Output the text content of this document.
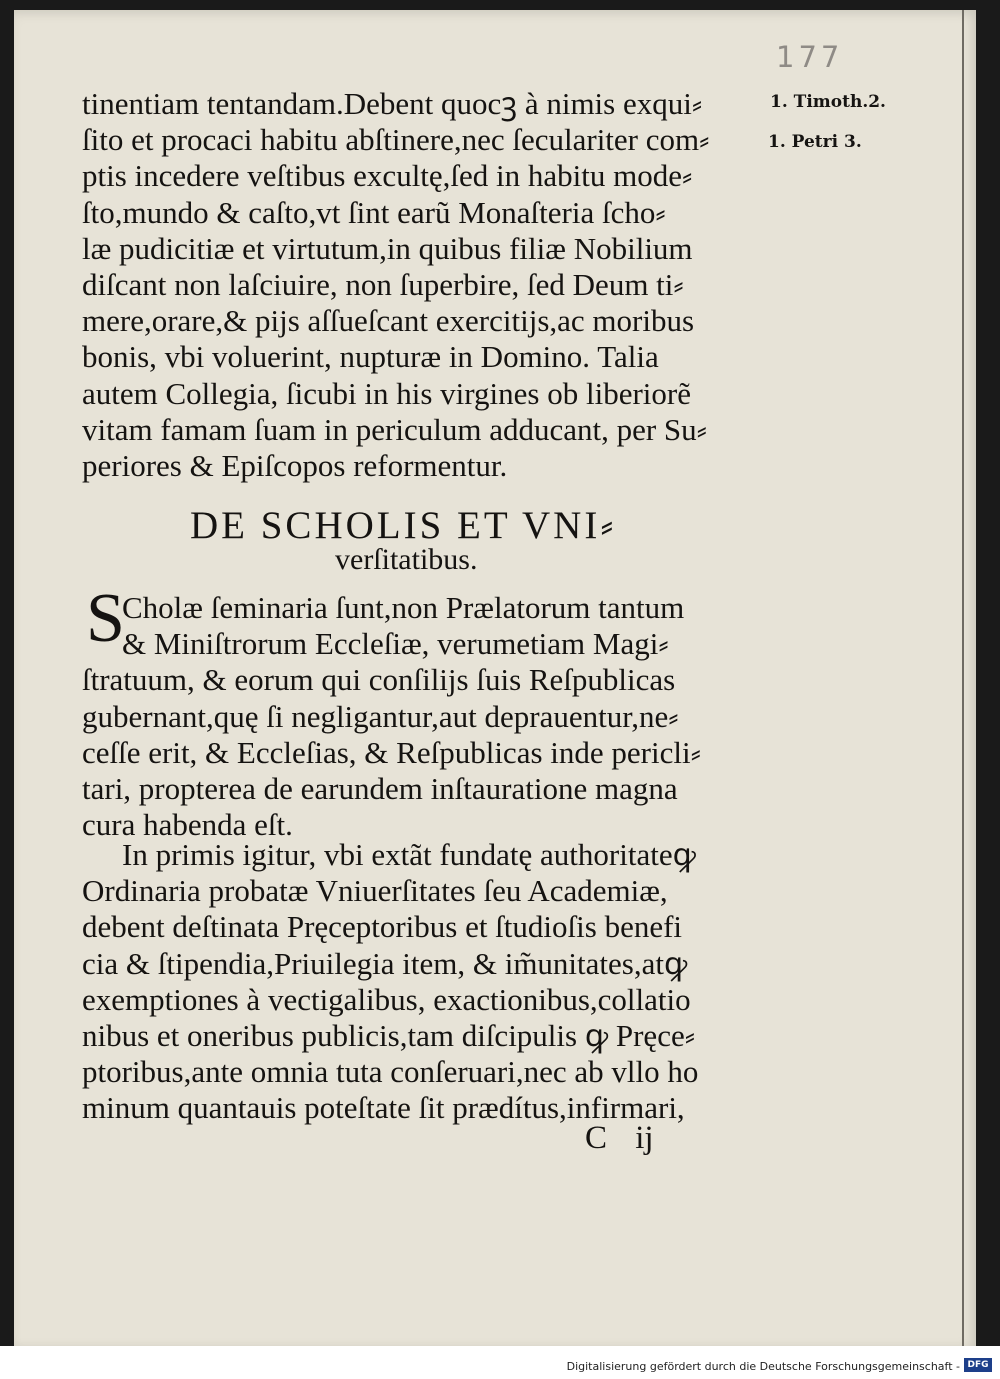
177
1. Timoth.2.
1. Petri 3.
tinentiam tentandam.Debent quocꝫ à nimis exqui⸗
ſito et procaci habitu abſtinere,nec ſeculariter com⸗
ptis incedere veſtibus excultę,ſed in habitu mode⸗
ſto,mundo & caſto,vt ſint earũ Monaſteria ſcho⸗
læ pudicitiæ et virtutum,in quibus filiæ Nobilium
diſcant non laſciuire, non ſuperbire, ſed Deum ti⸗
mere,orare,& pijs aſſueſcant exercitijs,ac moribus
bonis, vbi voluerint, nupturæ in Domino. Talia
autem Collegia, ſicubi in his virgines ob liberiorẽ
vitam famam ſuam in periculum adducant, per Su⸗
periores & Epiſcopos reformentur.
DE SCHOLIS ET VNI⸗
verſitatibus.
S
Cholæ ſeminaria ſunt,non Prælatorum tantum
& Miniſtrorum Eccleſiæ, verumetiam Magi⸗
ſtratuum, & eorum qui conſilijs ſuis Reſpublicas
gubernant,quę ſi negligantur,aut deprauentur,ne⸗
ceſſe erit, & Eccleſias, & Reſpublicas inde pericli⸗
tari, propterea de earundem inſtauratione magna
cura habenda eſt.
In primis igitur, vbi extãt fundatę authoritateꝙ
Ordinaria probatæ Vniuerſitates ſeu Academiæ,
debent deſtinata Pręceptoribus et ſtudioſis benefi
cia & ſtipendia,Priuilegia item, & im̃unitates,atꝙ
exemptiones à vectigalibus, exactionibus,collatio
nibus et oneribus publicis,tam diſcipulis ꝙ Pręce⸗
ptoribus,ante omnia tuta conſeruari,nec ab vllo ho
minum quantauis poteſtate ſit prædítus,infirmari,
C ij
Digitalisierung gefördert durch die Deutsche Forschungsgemeinschaft - DFG
